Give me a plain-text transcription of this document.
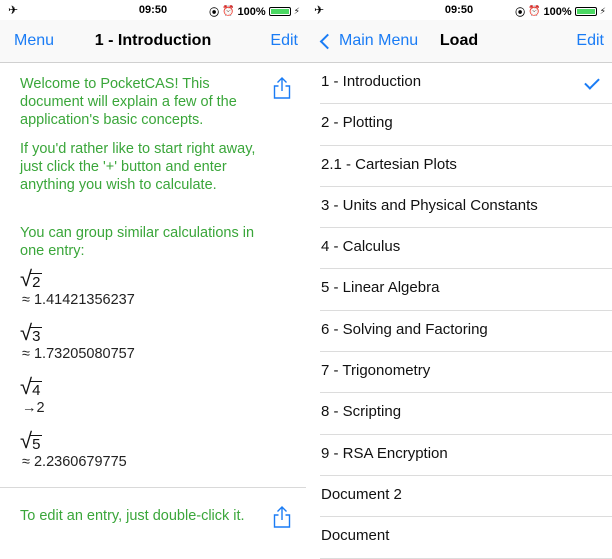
✈	09:50	⦿ ⏰ 100%	⚡
Menu	1 - Introduction	Edit
Welcome to PocketCAS! This document will explain a few of the application's basic concepts.
If you'd rather like to start right away, just click the '+' button and enter anything you wish to calculate.
You can group similar calculations in one entry:
√2
≈ 1.41421356237
√3
≈ 1.73205080757
√4
→2
√5
≈ 2.2360679775
To edit an entry, just double-click it.
✈	09:50	⦿ ⏰ 100%	⚡
Main Menu	Load	Edit
1 - Introduction
2 - Plotting
2.1 - Cartesian Plots
3 - Units and Physical Constants
4 - Calculus
5 - Linear Algebra
6 - Solving and Factoring
7 - Trigonometry
8 - Scripting
9 - RSA Encryption
Document 2
Document
